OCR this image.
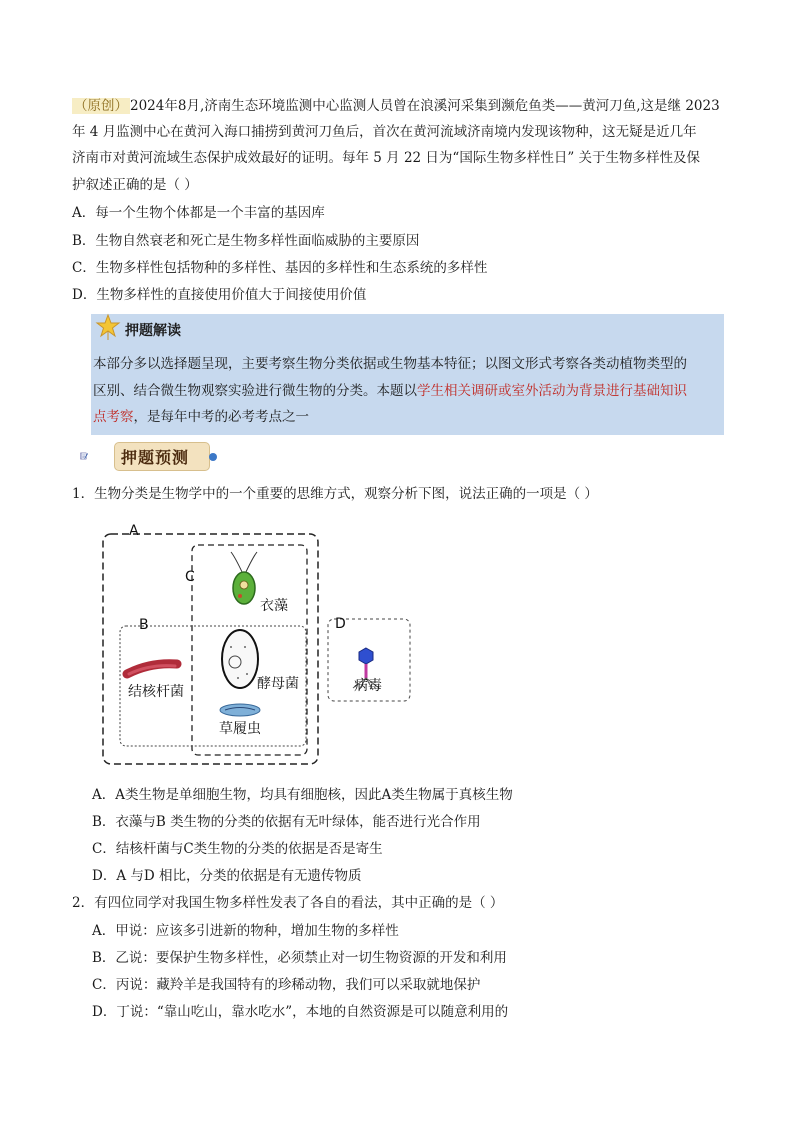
（原创） 2024年8月,济南生态环境监测中心监测人员曾在浪溪河采集到濒危鱼类——黄河刀鱼,这是继 2023
年 4 月监测中心在黄河入海口捕捞到黄河刀鱼后，首次在黄河流域济南境内发现该物种，这无疑是近几年
济南市对黄河流域生态保护成效最好的证明。每年 5 月 22 日为“国际生物多样性日” 关于生物多样性及保
护叙述正确的是（ ）
A．每一个生物个体都是一个丰富的基因库
B．生物自然衰老和死亡是生物多样性面临威胁的主要原因
C．生物多样性包括物种的多样性、基因的多样性和生态系统的多样性
D．生物多样性的直接使用价值大于间接使用价值
押题解读
本部分多以选择题呈现，主要考察生物分类依据或生物基本特征；以图文形式考察各类动植物类型的
区别、结合微生物观察实验进行微生物的分类。本题以学生相关调研或室外活动为背景进行基础知识
点考察，是每年中考的必考考点之一
押题预测
1．生物分类是生物学中的一个重要的思维方式，观察分析下图，说法正确的一项是（ ）
A
C
B	D
衣藻
结核杆菌	酵母菌
草履虫
病毒
A．A类生物是单细胞生物，均具有细胞核，因此A类生物属于真核生物
B．衣藻与B 类生物的分类的依据有无叶绿体，能否进行光合作用
C．结核杆菌与C类生物的分类的依据是否是寄生
D．A 与D 相比，分类的依据是有无遗传物质
2．有四位同学对我国生物多样性发表了各自的看法，其中正确的是（ ）
A．甲说：应该多引进新的物种，增加生物的多样性
B．乙说：要保护生物多样性，必须禁止对一切生物资源的开发和利用
C．丙说：藏羚羊是我国特有的珍稀动物，我们可以采取就地保护
D．丁说：“靠山吃山，靠水吃水”，本地的自然资源是可以随意利用的
